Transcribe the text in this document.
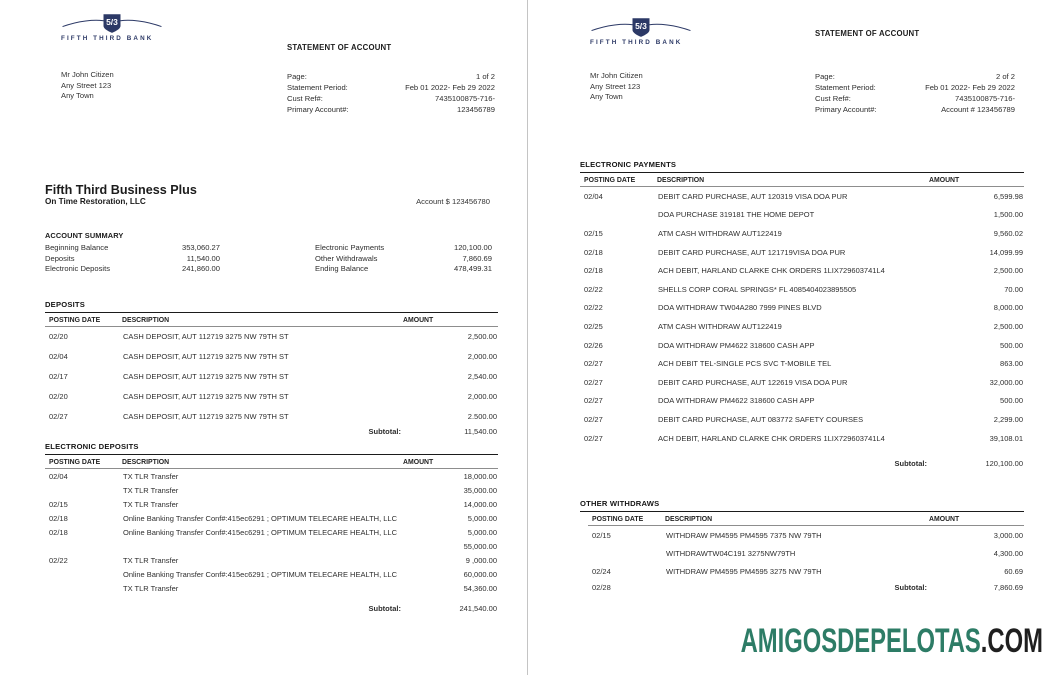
5/3
FIFTH THIRD BANK
STATEMENT OF ACCOUNT
Mr John Citizen
Any Street 123
Any Town
Page:	1 of 2
Statement Period:	Feb 01 2022- Feb 29 2022
Cust Ref#:	7435100875-716-
Primary Account#:	123456789
Fifth Third Business Plus
On Time Restoration, LLC	Account $ 123456780
ACCOUNT SUMMARY
Beginning Balance	353,060.27
Deposits	11,540.00
Electronic Deposits	241,860.00
Electronic Payments	120,100.00
Other Withdrawals	7,860.69
Ending Balance	478,499.31
DEPOSITS
POSTING DATE	DESCRIPTION	AMOUNT
02/20	CASH DEPOSIT, AUT 112719 3275 NW 79TH ST	2,500.00
02/04	CASH DEPOSIT, AUT 112719 3275 NW 79TH ST	2,000.00
02/17	CASH DEPOSIT, AUT 112719 3275 NW 79TH ST	2,540.00
02/20	CASH DEPOSIT, AUT 112719 3275 NW 79TH ST	2,000.00
02/27	CASH DEPOSIT, AUT 112719 3275 NW 79TH ST	2.500.00
	Subtotal:	11,540.00
ELECTRONIC DEPOSITS
POSTING DATE	DESCRIPTION	AMOUNT
02/04	TX TLR Transfer	18,000.00
	TX TLR Transfer	35,000.00
02/15	TX TLR Transfer	14,000.00
02/18	Online Banking Transfer Conf#:415ec6291 ; OPTIMUM TELECARE HEALTH, LLC	5,000.00
02/18	Online Banking Transfer Conf#:415ec6291 ; OPTIMUM TELECARE HEALTH, LLC	5,000.00
		55,000.00
02/22	TX TLR Transfer	9 ,000.00
	Online Banking Transfer Conf#:415ec6291 ; OPTIMUM TELECARE HEALTH, LLC	60,000.00
	TX TLR Transfer	54,360.00
	Subtotal:	241,540.00
5/3
FIFTH THIRD BANK
STATEMENT OF ACCOUNT
Mr John Citizen
Any Street 123
Any Town
Page:	2 of 2
Statement Period:	Feb 01 2022- Feb 29 2022
Cust Ref#:	7435100875-716-
Primary Account#:	Account # 123456789
ELECTRONIC PAYMENTS
POSTING DATE	DESCRIPTION	AMOUNT
02/04	DEBIT CARD PURCHASE, AUT 120319 VISA DOA PUR	6,599.98
	DOA PURCHASE 319181 THE HOME DEPOT	1,500.00
02/15	ATM CASH WITHDRAW AUT122419	9,560.02
02/18	DEBIT CARD PURCHASE, AUT 121719VISA DOA PUR	14,099.99
02/18	ACH DEBIT, HARLAND CLARKE CHK ORDERS 1LIX729603741L4	2,500.00
02/22	SHELLS CORP CORAL SPRINGS* FL 4085404023895505	70.00
02/22	DOA WITHDRAW TW04A280 7999 PINES BLVD	8,000.00
02/25	ATM CASH WITHDRAW AUT122419	2,500.00
02/26	DOA WITHDRAW PM4622 318600 CASH APP	500.00
02/27	ACH DEBIT TEL-SINGLE PCS SVC T-MOBILE TEL	863.00
02/27	DEBIT CARD PURCHASE, AUT 122619 VISA DOA PUR	32,000.00
02/27	DOA WITHDRAW PM4622 318600 CASH APP	500.00
02/27	DEBIT CARD PURCHASE, AUT 083772 SAFETY COURSES	2,299.00
02/27	ACH DEBIT, HARLAND CLARKE CHK ORDERS 1LIX729603741L4	39,108.01
	Subtotal:	120,100.00
OTHER WITHDRAWS
POSTING DATE	DESCRIPTION	AMOUNT
02/15	WITHDRAW PM4595 PM4595 7375 NW 79TH	3,000.00
	WITHDRAWTW04C191 3275NW79TH	4,300.00
02/24	WITHDRAW PM4595 PM4595 3275 NW 79TH	60.69
02/28	Subtotal:	7,860.69
AMIGOSDEPELOTAS.COM
